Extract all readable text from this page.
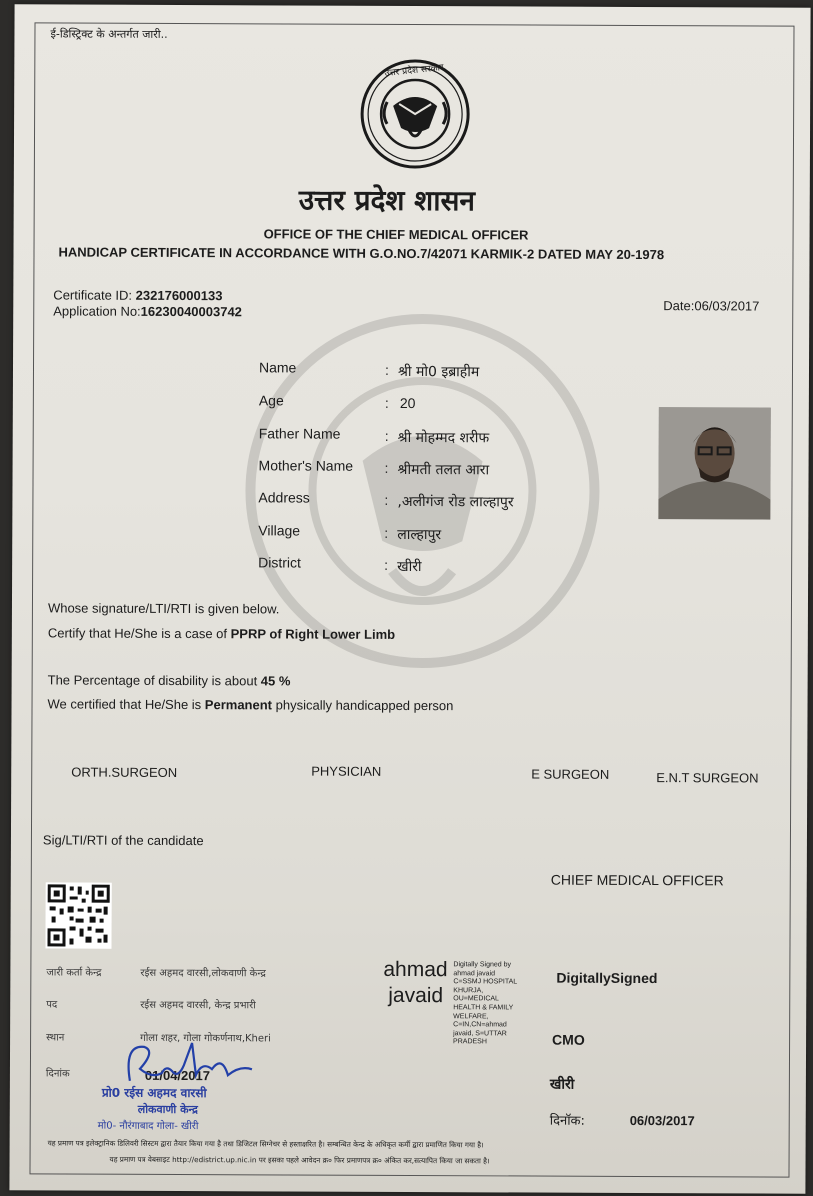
ई-डिस्ट्रिक्ट के अन्तर्गत जारी..
उत्तर प्रदेश सरकार
उत्तर प्रदेश शासन
OFFICE OF THE CHIEF MEDICAL OFFICER
HANDICAP CERTIFICATE IN ACCORDANCE WITH G.O.NO.7/42071 KARMIK-2 DATED MAY 20-1978
Certificate ID: 232176000133
Application No:16230040003742	Date:06/03/2017
Name	: श्री मो0 इब्राहीम
Age	: 20
Father Name	: श्री मोहम्मद शरीफ
Mother's Name : श्रीमती तलत आरा
Address	: ,अलीगंज रोड लाल्हापुर
Village	: लाल्हापुर
District	: खीरी
Whose signature/LTI/RTI is given below.
Certify that He/She is a case of PPRP of Right Lower Limb
The Percentage of disability is about 45 %
We certified that He/She is Permanent physically handicapped person
ORTH.SURGEON	PHYSICIAN	E SURGEON	E.N.T SURGEON
Sig/LTI/RTI of the candidate
CHIEF MEDICAL OFFICER
जारी कर्ता केन्द्र	रईस अहमद वारसी,लोकवाणी केन्द्र
पद	रईस अहमद वारसी, केन्द्र प्रभारी
स्थान	गोला शहर, गोला गोकर्णनाथ,Kheri
दिनांक	01/04/2017
प्रो0 रईस अहमद वारसी
लोकवाणी केन्द्र
मो0- नौरंगाबाद गोला- खीरी
ahmad
javaid
Digitally Signed by
ahmad javaid
C=SSMJ HOSPITAL
KHURJA,
OU=MEDICAL
HEALTH & FAMILY
WELFARE,
C=IN,CN=ahmad
javaid, S=UTTAR
PRADESH
DigitallySigned
CMO
खीरी
दिनॉक:	06/03/2017
यह प्रमाण पत्र इलेक्ट्रानिक डिलिवरी सिस्टम द्वारा तैयार किया गया है तथा डिजिटल सिग्नेचर से हस्ताक्षरित है। सम्बन्धित केन्द्र के अधिकृत कर्मी द्वारा प्रमाणित किया गया है।
यह प्रमाण पत्र वेबसाइट http://edistrict.up.nic.in पर इसका पहले आवेदन क्र० फिर प्रमाणपत्र क्र० अंकित कर,सत्यापित किया जा सकता है।
